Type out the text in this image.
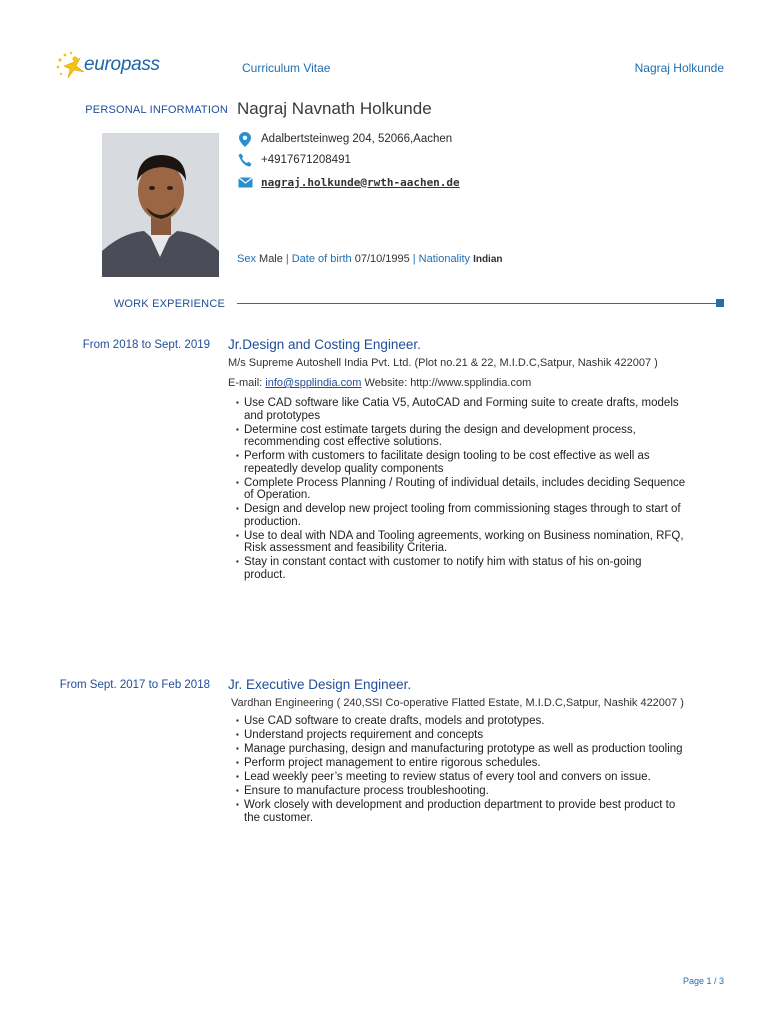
europass	Curriculum Vitae	Nagraj Holkunde
PERSONAL INFORMATION Nagraj Navnath Holkunde
Adalbertsteinweg 204, 52066,Aachen
+4917671208491
nagraj.holkunde@rwth-aachen.de
Sex Male | Date of birth 07/10/1995 | Nationality Indian
WORK EXPERIENCE
From 2018 to Sept. 2019 Jr.Design and Costing Engineer.
M/s Supreme Autoshell India Pvt. Ltd. (Plot no.21 & 22, M.I.D.C,Satpur, Nashik 422007 )
E-mail: info@spplindia.com Website: http://www.spplindia.com
▪ Use CAD software like Catia V5, AutoCAD and Forming suite to create drafts, models and prototypes
▪ Determine cost estimate targets during the design and development process, recommending cost effective solutions.
▪ Perform with customers to facilitate design tooling to be cost effective as well as repeatedly develop quality components
▪ Complete Process Planning / Routing of individual details, includes deciding Sequence of Operation.
▪ Design and develop new project tooling from commissioning stages through to start of production.
▪ Use to deal with NDA and Tooling agreements, working on Business nomination, RFQ, Risk assessment and feasibility Criteria.
▪ Stay in constant contact with customer to notify him with status of his on-going product.
From Sept. 2017 to Feb 2018 Jr. Executive Design Engineer.
Vardhan Engineering ( 240,SSI Co-operative Flatted Estate, M.I.D.C,Satpur, Nashik 422007 )
▪ Use CAD software to create drafts, models and prototypes.
▪ Understand projects requirement and concepts
▪ Manage purchasing, design and manufacturing prototype as well as production tooling
▪ Perform project management to entire rigorous schedules.
▪ Lead weekly peer’s meeting to review status of every tool and convers on issue.
▪ Ensure to manufacture process troubleshooting.
▪ Work closely with development and production department to provide best product to the customer.
Page 1 / 3
